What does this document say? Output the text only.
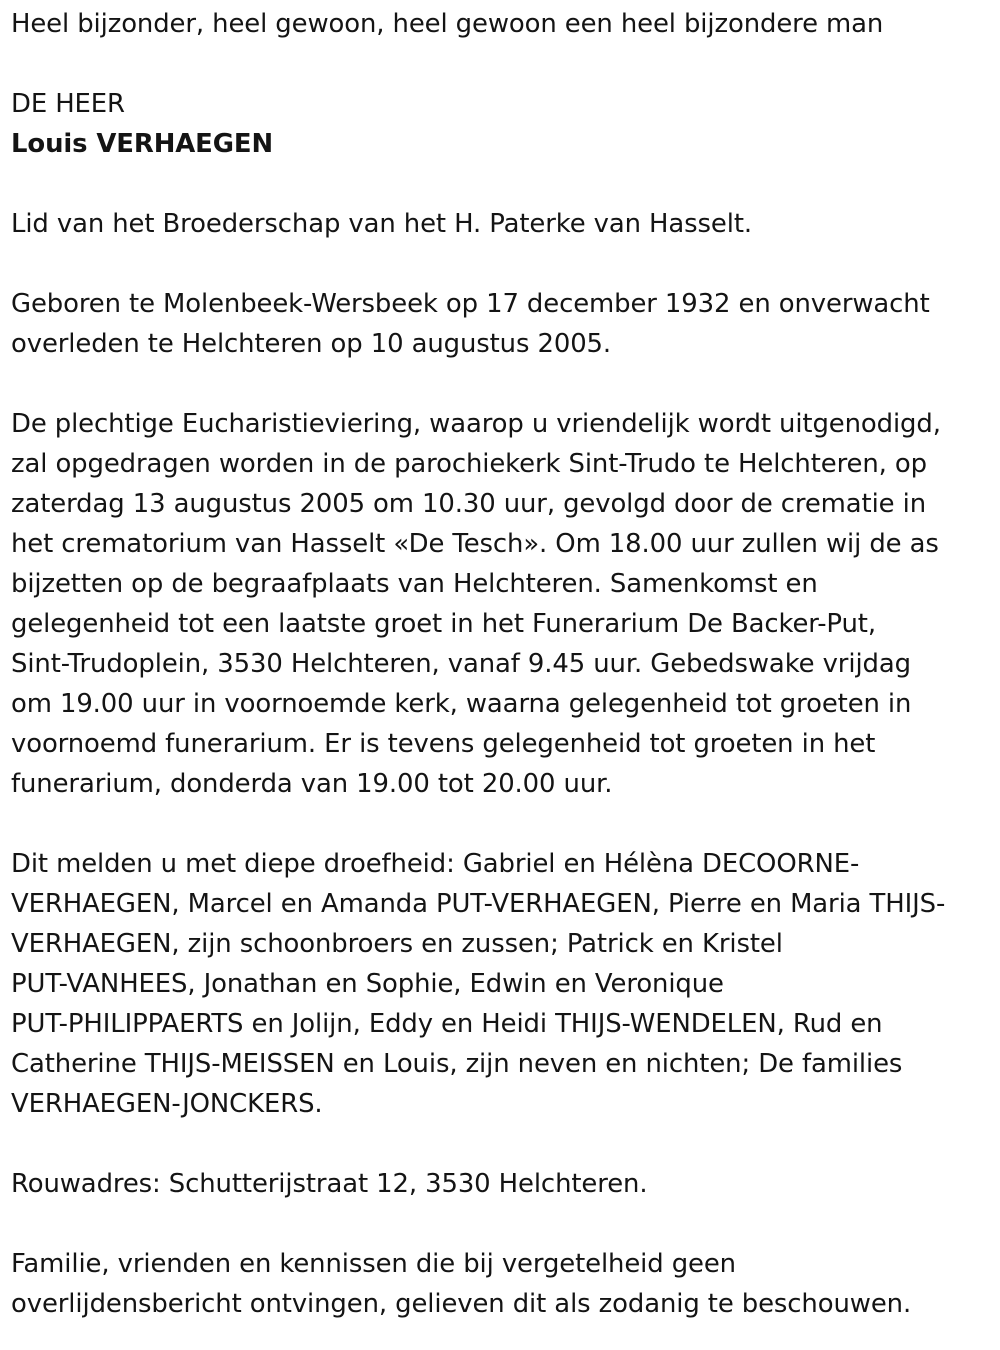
Heel bijzonder, heel gewoon, heel gewoon een heel bijzondere man
DE HEER
Louis VERHAEGEN
Lid van het Broederschap van het H. Paterke van Hasselt.
Geboren te Molenbeek-Wersbeek op 17 december 1932 en onverwacht
overleden te Helchteren op 10 augustus 2005.
De plechtige Eucharistieviering, waarop u vriendelijk wordt uitgenodigd,
zal opgedragen worden in de parochiekerk Sint-Trudo te Helchteren, op
zaterdag 13 augustus 2005 om 10.30 uur, gevolgd door de crematie in
het crematorium van Hasselt «De Tesch». Om 18.00 uur zullen wij de as
bijzetten op de begraafplaats van Helchteren. Samenkomst en
gelegenheid tot een laatste groet in het Funerarium De Backer-Put,
Sint-Trudoplein, 3530 Helchteren, vanaf 9.45 uur. Gebedswake vrijdag
om 19.00 uur in voornoemde kerk, waarna gelegenheid tot groeten in
voornoemd funerarium. Er is tevens gelegenheid tot groeten in het
funerarium, donderda van 19.00 tot 20.00 uur.
Dit melden u met diepe droefheid: Gabriel en Hélèna DECOORNE-
VERHAEGEN, Marcel en Amanda PUT-VERHAEGEN, Pierre en Maria THIJS-
VERHAEGEN, zijn schoonbroers en zussen; Patrick en Kristel
PUT-VANHEES, Jonathan en Sophie, Edwin en Veronique
PUT-PHILIPPAERTS en Jolijn, Eddy en Heidi THIJS-WENDELEN, Rud en
Catherine THIJS-MEISSEN en Louis, zijn neven en nichten; De families
VERHAEGEN-JONCKERS.
Rouwadres: Schutterijstraat 12, 3530 Helchteren.
Familie, vrienden en kennissen die bij vergetelheid geen
overlijdensbericht ontvingen, gelieven dit als zodanig te beschouwen.
